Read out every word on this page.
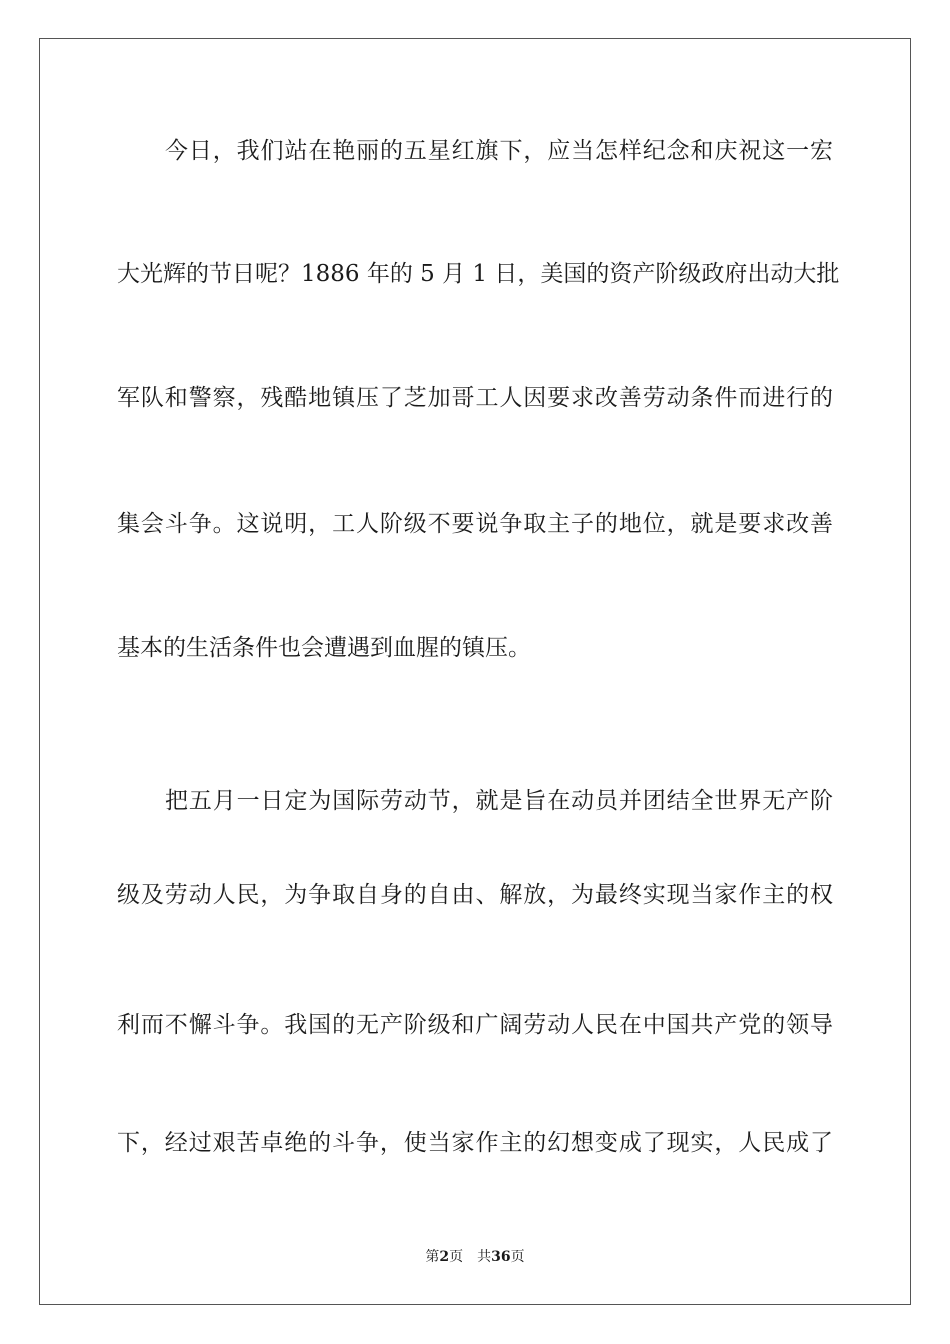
今日，我们站在艳丽的五星红旗下，应当怎样纪念和庆祝这一宏
大光辉的节日呢？1886 年的 5 月 1 日，美国的资产阶级政府出动大批
军队和警察，残酷地镇压了芝加哥工人因要求改善劳动条件而进行的
集会斗争。这说明，工人阶级不要说争取主子的地位，就是要求改善
基本的生活条件也会遭遇到血腥的镇压。
把五月一日定为国际劳动节，就是旨在动员并团结全世界无产阶
级及劳动人民，为争取自身的自由、解放，为最终实现当家作主的权
利而不懈斗争。我国的无产阶级和广阔劳动人民在中国共产党的领导
下，经过艰苦卓绝的斗争，使当家作主的幻想变成了现实，人民成了
第2页 共36页
